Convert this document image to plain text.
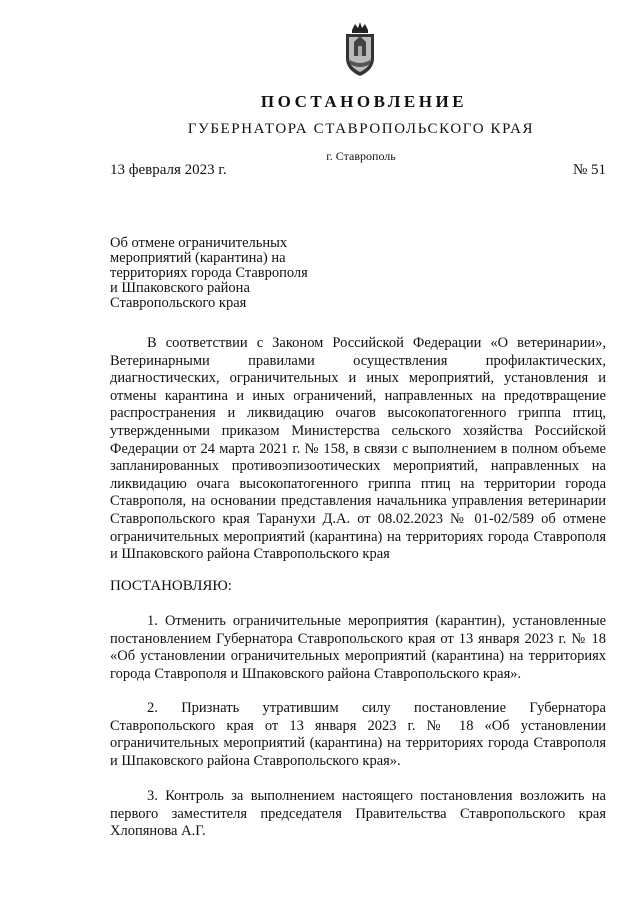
ПОСТАНОВЛЕНИЕ
ГУБЕРНАТОРА СТАВРОПОЛЬСКОГО КРАЯ
г. Ставрополь
13 февраля 2023 г.	№ 51
Об отмене ограничительных
мероприятий (карантина) на
территориях города Ставрополя
и Шпаковского района
Ставропольского края
В соответствии с Законом Российской Федерации «О ветеринарии», Ветеринарными правилами осуществления профилактических, диагностических, ограничительных и иных мероприятий, установления и отмены карантина и иных ограничений, направленных на предотвращение распространения и ликвидацию очагов высокопатогенного гриппа птиц, утвержденными приказом Министерства сельского хозяйства Российской Федерации от 24 марта 2021 г. № 158, в связи с выполнением в полном объеме запланированных противоэпизоотических мероприятий, направленных на ликвидацию очага высокопатогенного гриппа птиц на территории города Ставрополя, на основании представления начальника управления ветеринарии Ставропольского края Таранухи Д.А. от 08.02.2023 № 01-02/589 об отмене ограничительных мероприятий (карантина) на территориях города Ставрополя и Шпаковского района Ставропольского края
ПОСТАНОВЛЯЮ:
1. Отменить ограничительные мероприятия (карантин), установленные постановлением Губернатора Ставропольского края от 13 января 2023 г. № 18 «Об установлении ограничительных мероприятий (карантина) на территориях города Ставрополя и Шпаковского района Ставропольского края».
2. Признать утратившим силу постановление Губернатора Ставропольского края от 13 января 2023 г. № 18 «Об установлении ограничительных мероприятий (карантина) на территориях города Ставрополя и Шпаковского района Ставропольского края».
3. Контроль за выполнением настоящего постановления возложить на первого заместителя председателя Правительства Ставропольского края Хлопянова А.Г.
